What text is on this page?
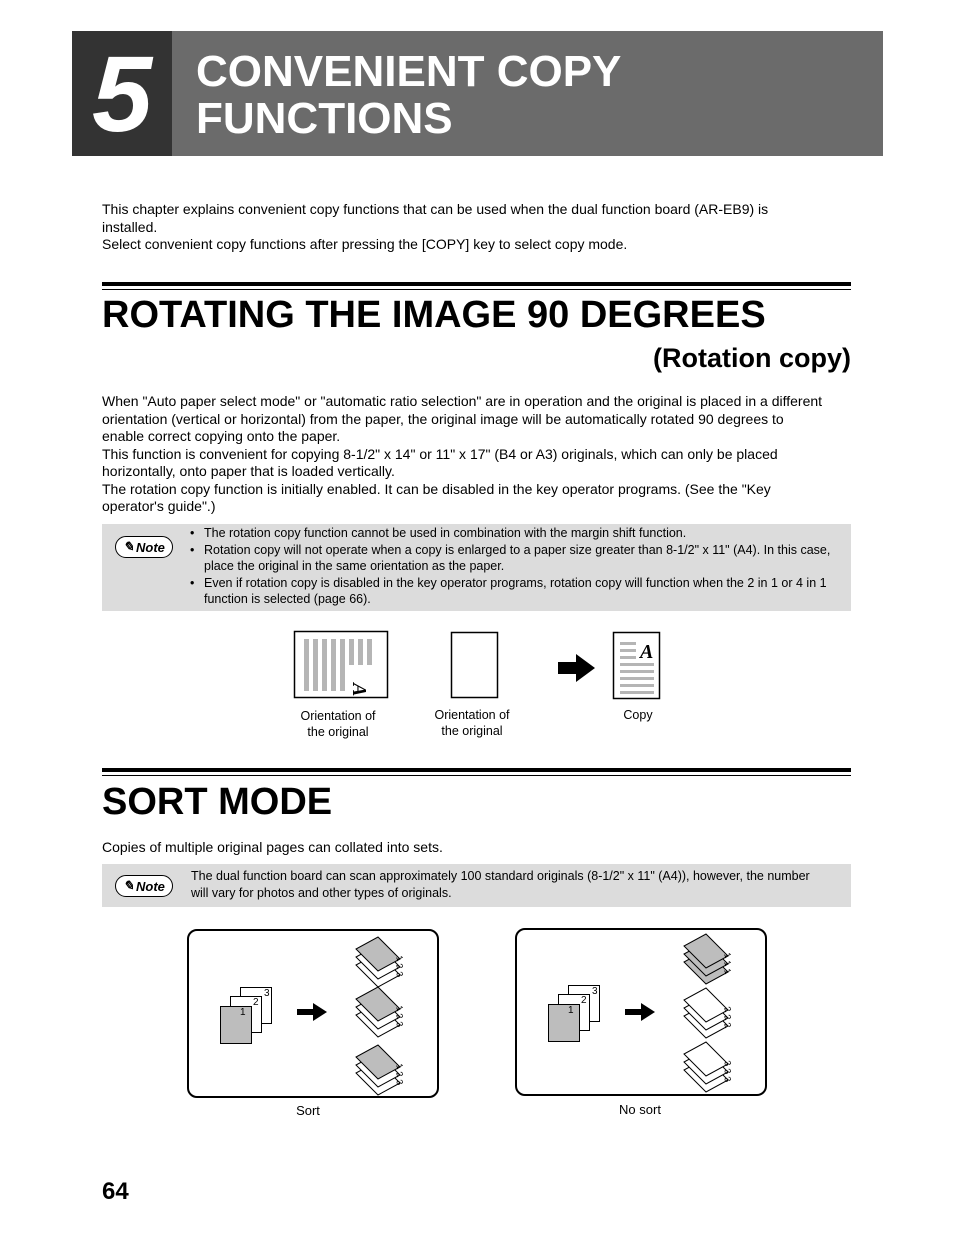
5 CONVENIENT COPY
FUNCTIONS
This chapter explains convenient copy functions that can be used when the dual function board (AR-EB9) is
installed.
Select convenient copy functions after pressing the [COPY] key to select copy mode.
ROTATING THE IMAGE 90 DEGREES
(Rotation copy)
When "Auto paper select mode" or "automatic ratio selection" are in operation and the original is placed in a different
orientation (vertical or horizontal) from the paper, the original image will be automatically rotated 90 degrees to
enable correct copying onto the paper.
This function is convenient for copying 8-1/2" x 14" or 11" x 17" (B4 or A3) originals, which can only be placed
horizontally, onto paper that is loaded vertically.
The rotation copy function is initially enabled. It can be disabled in the key operator programs. (See the "Key
operator's guide".)
✎ Note
• The rotation copy function cannot be used in combination with the margin shift function.
• Rotation copy will not operate when a copy is enlarged to a paper size greater than 8-1/2" x 11" (A4). In this case, place the original in the same orientation as the paper.
• Even if rotation copy is disabled in the key operator programs, rotation copy will function when the 2 in 1 or 4 in 1 function is selected (page 66).
A
A
Orientation of
the original
Orientation of
the original
Copy
SORT MODE
Copies of multiple original pages can collated into sets.
✎ Note
The dual function board can scan approximately 100 standard originals (8-1/2" x 11" (A4)), however, the number
will vary for photos and other types of originals.
3
2
1
1
2
3
1
2
3
1
2
3
Sort
3
2
1
1
1
1
2
2
2
3
3
3
No sort
64
